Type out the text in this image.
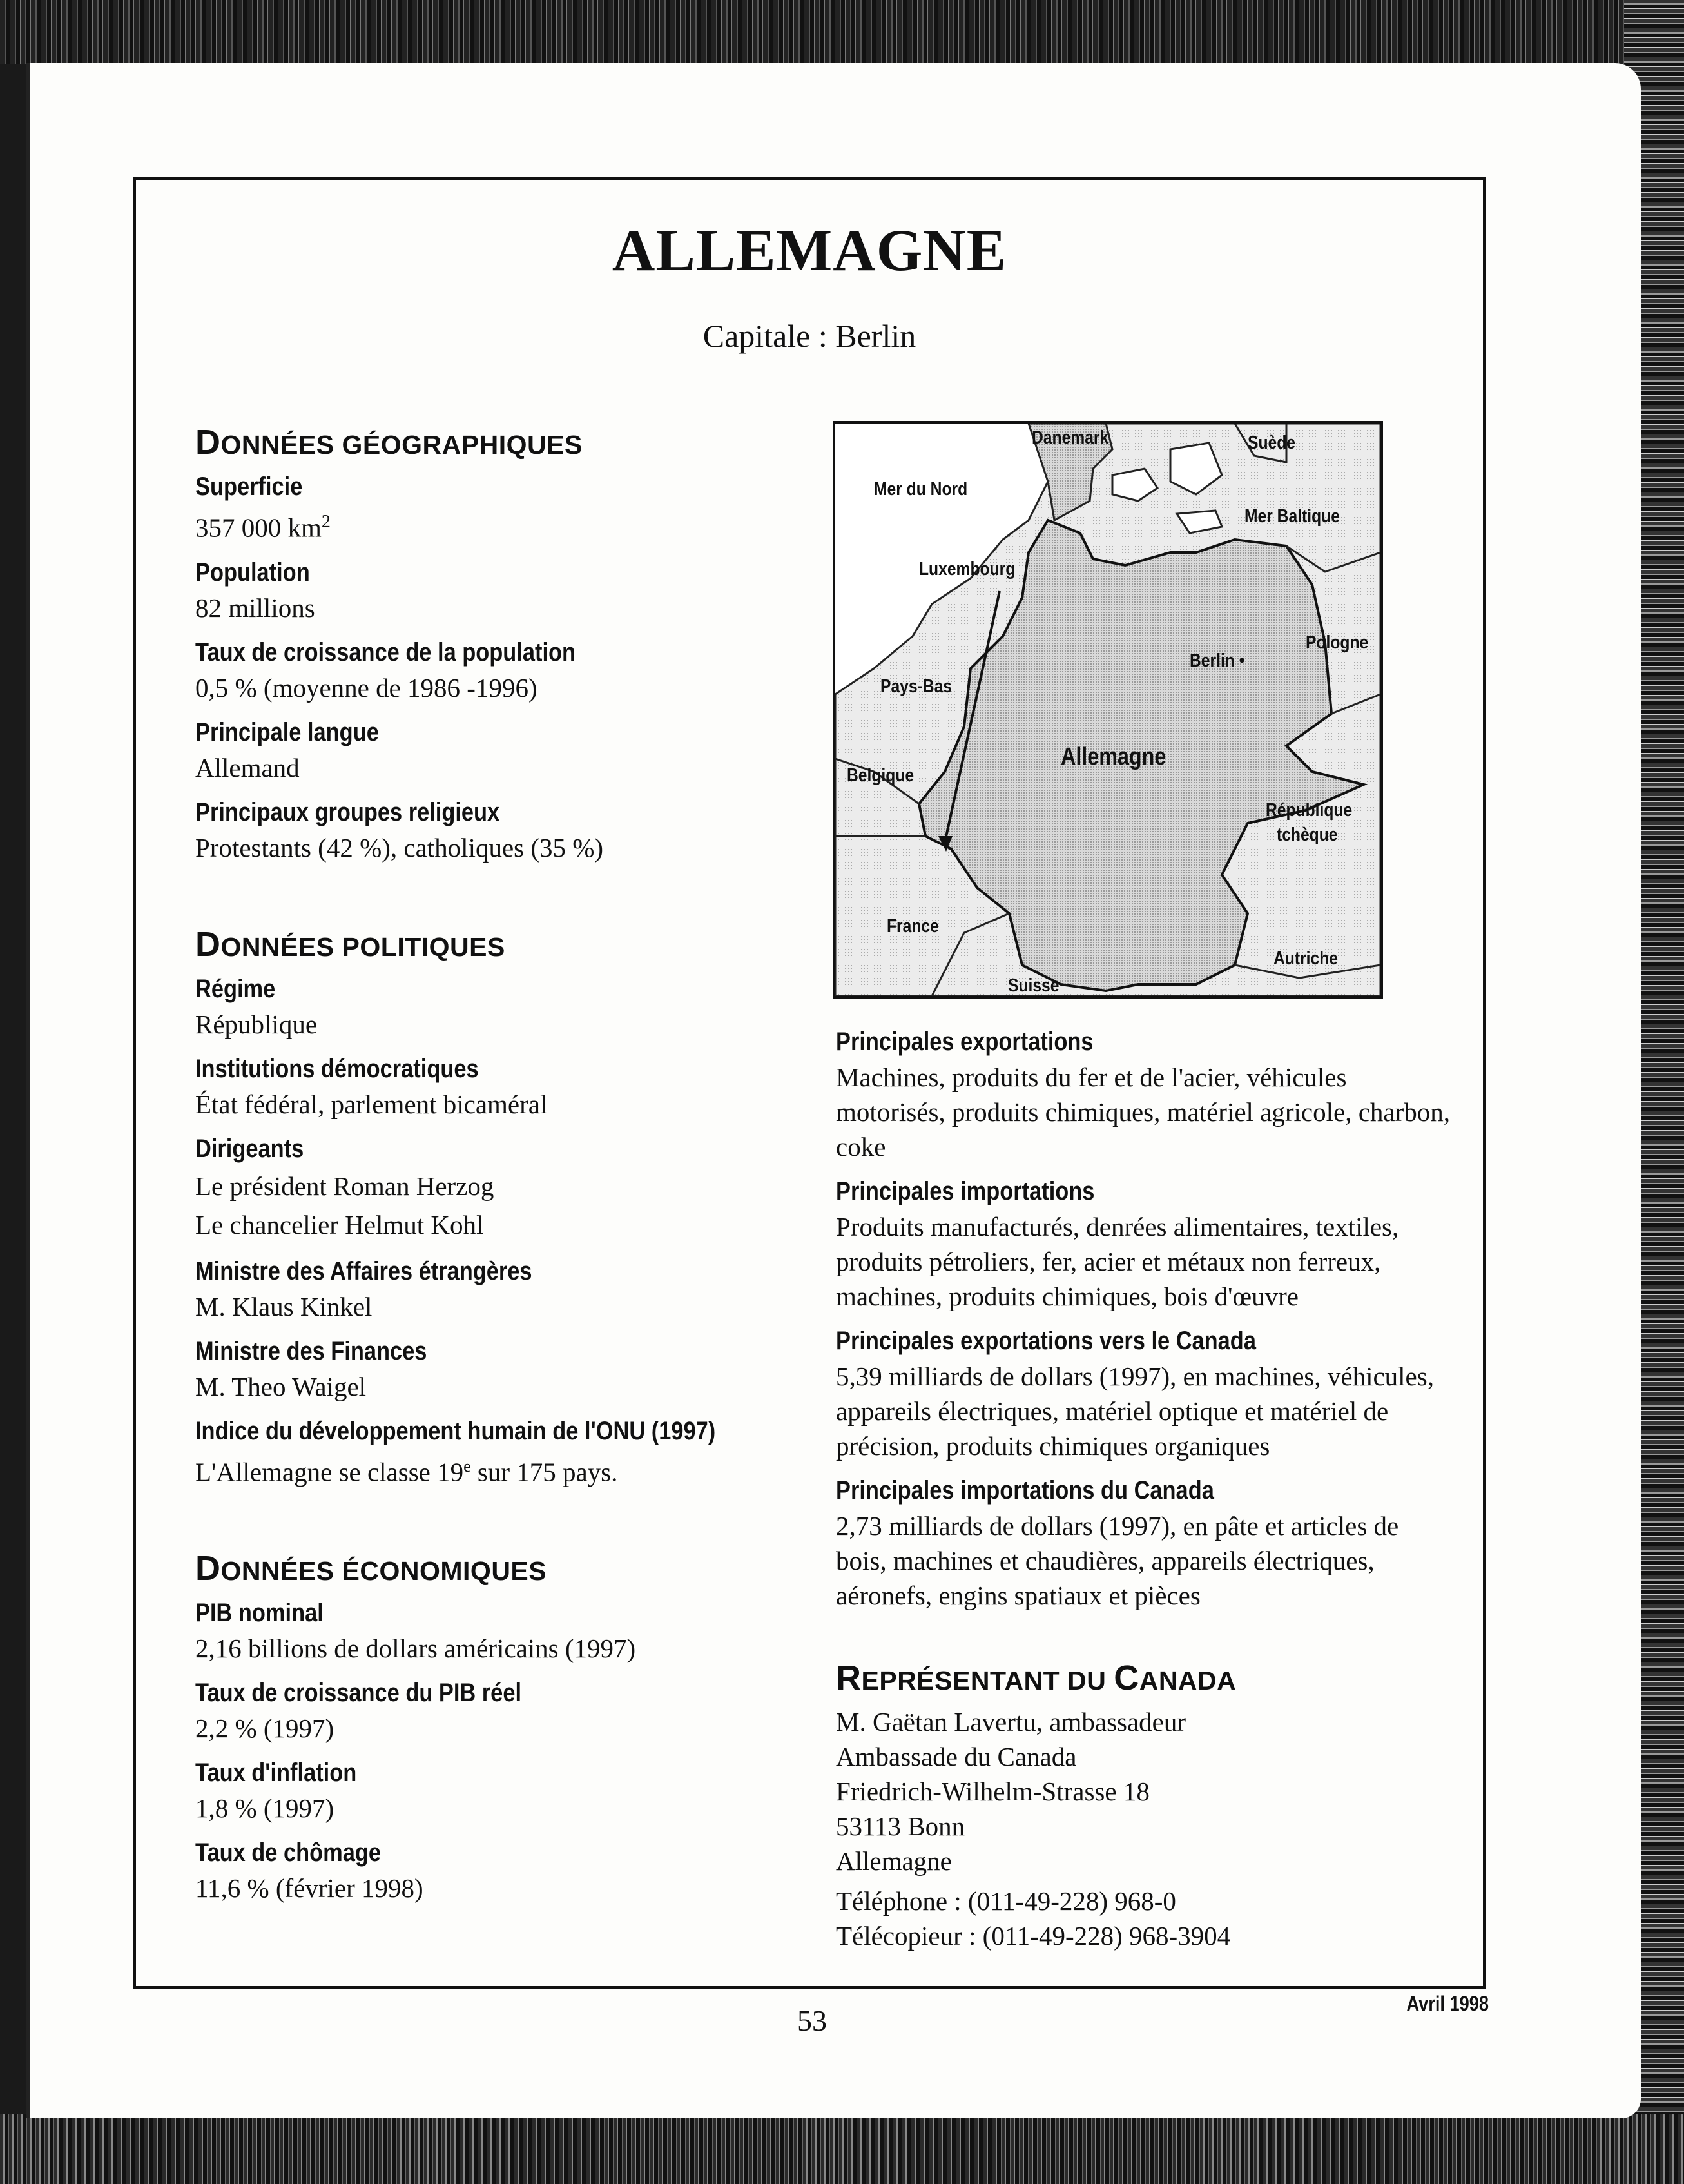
ALLEMAGNE
Capitale : Berlin
DONNÉES GÉOGRAPHIQUES
Superficie
357 000 $km^2$
Population
82 millions
Taux de croissance de la population
0,5 % (moyenne de 1986 -1996)
Principale langue
Allemand
Principaux groupes religieux
Protestants (42 %), catholiques (35 %)
DONNÉES POLITIQUES
Régime
République
Institutions démocratiques
État fédéral, parlement bicaméral
Dirigeants
Le président Roman Herzog
Le chancelier Helmut Kohl
Ministre des Affaires étrangères
M. Klaus Kinkel
Ministre des Finances
M. Theo Waigel
Indice du développement humain de l'ONU (1997)
L'Allemagne se classe 19e sur 175 pays.
DONNÉES ÉCONOMIQUES
PIB nominal
2,16 billions de dollars américains (1997)
Taux de croissance du PIB réel
2,2 % (1997)
Taux d'inflation
1,8 % (1997)
Taux de chômage
11,6 % (février 1998)
Danemark	Suède
Mer du Nord
Mer Baltique
Luxembourg
Berlin •
Pologne
Pays-Bas
Allemagne
Belgique
République
tchèque
France
Autriche
Suisse
Principales exportations
Machines, produits du fer et de l'acier, véhicules motorisés, produits chimiques, matériel agricole, charbon, coke
Principales importations
Produits manufacturés, denrées alimentaires, textiles, produits pétroliers, fer, acier et métaux non ferreux, machines, produits chimiques, bois d'œuvre
Principales exportations vers le Canada
5,39 milliards de dollars (1997), en machines, véhicules, appareils électriques, matériel optique et matériel de précision, produits chimiques organiques
Principales importations du Canada
2,73 milliards de dollars (1997), en pâte et articles de bois, machines et chaudières, appareils électriques, aéronefs, engins spatiaux et pièces
REPRÉSENTANT DU CANADA
M. Gaëtan Lavertu, ambassadeur
Ambassade du Canada
Friedrich-Wilhelm-Strasse 18
53113 Bonn
Allemagne
Téléphone : (011-49-228) 968-0
Télécopieur : (011-49-228) 968-3904
Avril 1998
53
